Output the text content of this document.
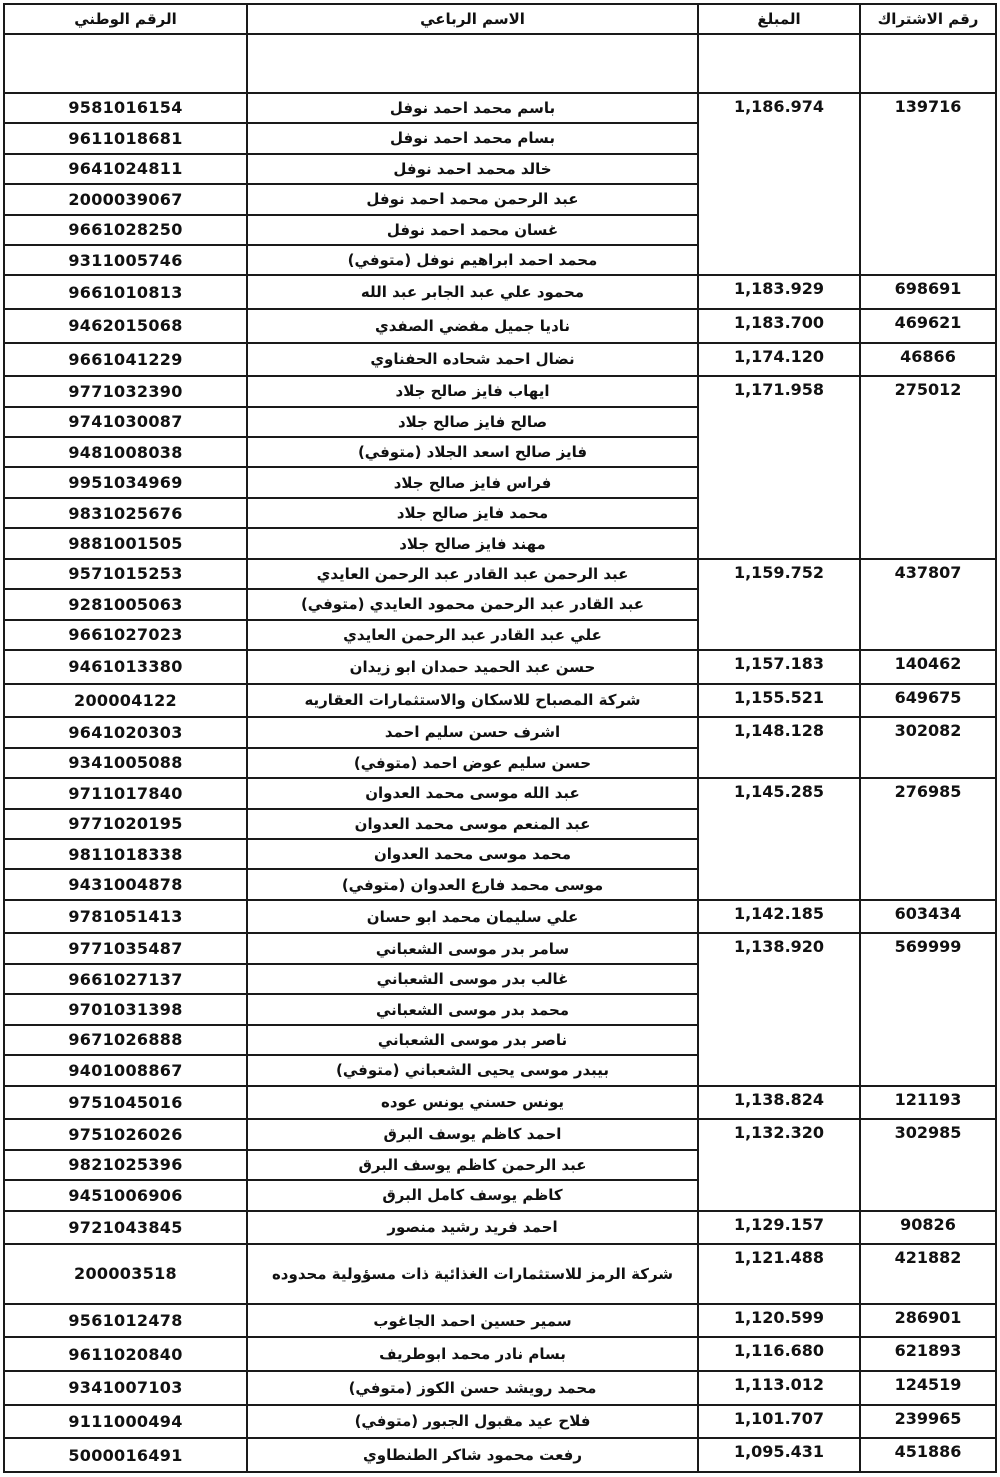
الرقم الوطني	الاسم الرباعي	المبلغ	رقم الاشتراك

9581016154	باسم محمد احمد نوفل	1,186.974	139716
9611018681	بسام محمد احمد نوفل		
9641024811	خالد محمد احمد نوفل		
2000039067	عبد الرحمن محمد احمد نوفل		
9661028250	غسان محمد احمد نوفل		
9311005746	محمد احمد ابراهيم نوفل (متوفي)		
9661010813	محمود علي عبد الجابر عبد الله	1,183.929	698691
9462015068	ناديا جميل مفضي الصفدي	1,183.700	469621
9661041229	نضال احمد شحاده الحفناوي	1,174.120	46866
9771032390	ايهاب فايز صالح جلاد	1,171.958	275012
9741030087	صالح فايز صالح جلاد		
9481008038	فايز صالح اسعد الجلاد (متوفي)		
9951034969	فراس فايز صالح جلاد		
9831025676	محمد فايز صالح جلاد		
9881001505	مهند فايز صالح جلاد		
9571015253	عبد الرحمن عبد القادر عبد الرحمن العايدي	1,159.752	437807
9281005063	عبد القادر عبد الرحمن محمود العايدي (متوفي)		
9661027023	علي عبد القادر عبد الرحمن العايدي		
9461013380	حسن عبد الحميد حمدان ابو زيدان	1,157.183	140462
200004122	شركة المصباح للاسكان والاستثمارات العقاريه	1,155.521	649675
9641020303	اشرف حسن سليم احمد	1,148.128	302082
9341005088	حسن سليم عوض احمد (متوفي)		
9711017840	عبد الله موسى محمد العدوان	1,145.285	276985
9771020195	عبد المنعم موسى محمد العدوان		
9811018338	محمد موسى محمد العدوان		
9431004878	موسى محمد فارع العدوان (متوفي)		
9781051413	علي سليمان محمد ابو حسان	1,142.185	603434
9771035487	سامر بدر موسى الشعباني	1,138.920	569999
9661027137	غالب بدر موسى الشعباني		
9701031398	محمد بدر موسى الشعباني		
9671026888	ناصر بدر موسى الشعباني		
9401008867	بيبدر موسى يحيى الشعباني (متوفي)		
9751045016	يونس حسني يونس عوده	1,138.824	121193
9751026026	احمد كاظم يوسف البرق	1,132.320	302985
9821025396	عبد الرحمن كاظم يوسف البرق		
9451006906	كاظم يوسف كامل البرق		
9721043845	احمد فريد رشيد منصور	1,129.157	90826
200003518	شركة الرمز للاستثمارات الغذائية ذات مسؤولية محدوده	1,121.488	421882
9561012478	سمير حسين احمد الجاغوب	1,120.599	286901
9611020840	بسام نادر محمد ابوطريف	1,116.680	621893
9341007103	محمد رويشد حسن الكوز (متوفي)	1,113.012	124519
9111000494	فلاح عيد مقبول الجبور (متوفي)	1,101.707	239965
5000016491	رفعت محمود شاكر الطنطاوي	1,095.431	451886
